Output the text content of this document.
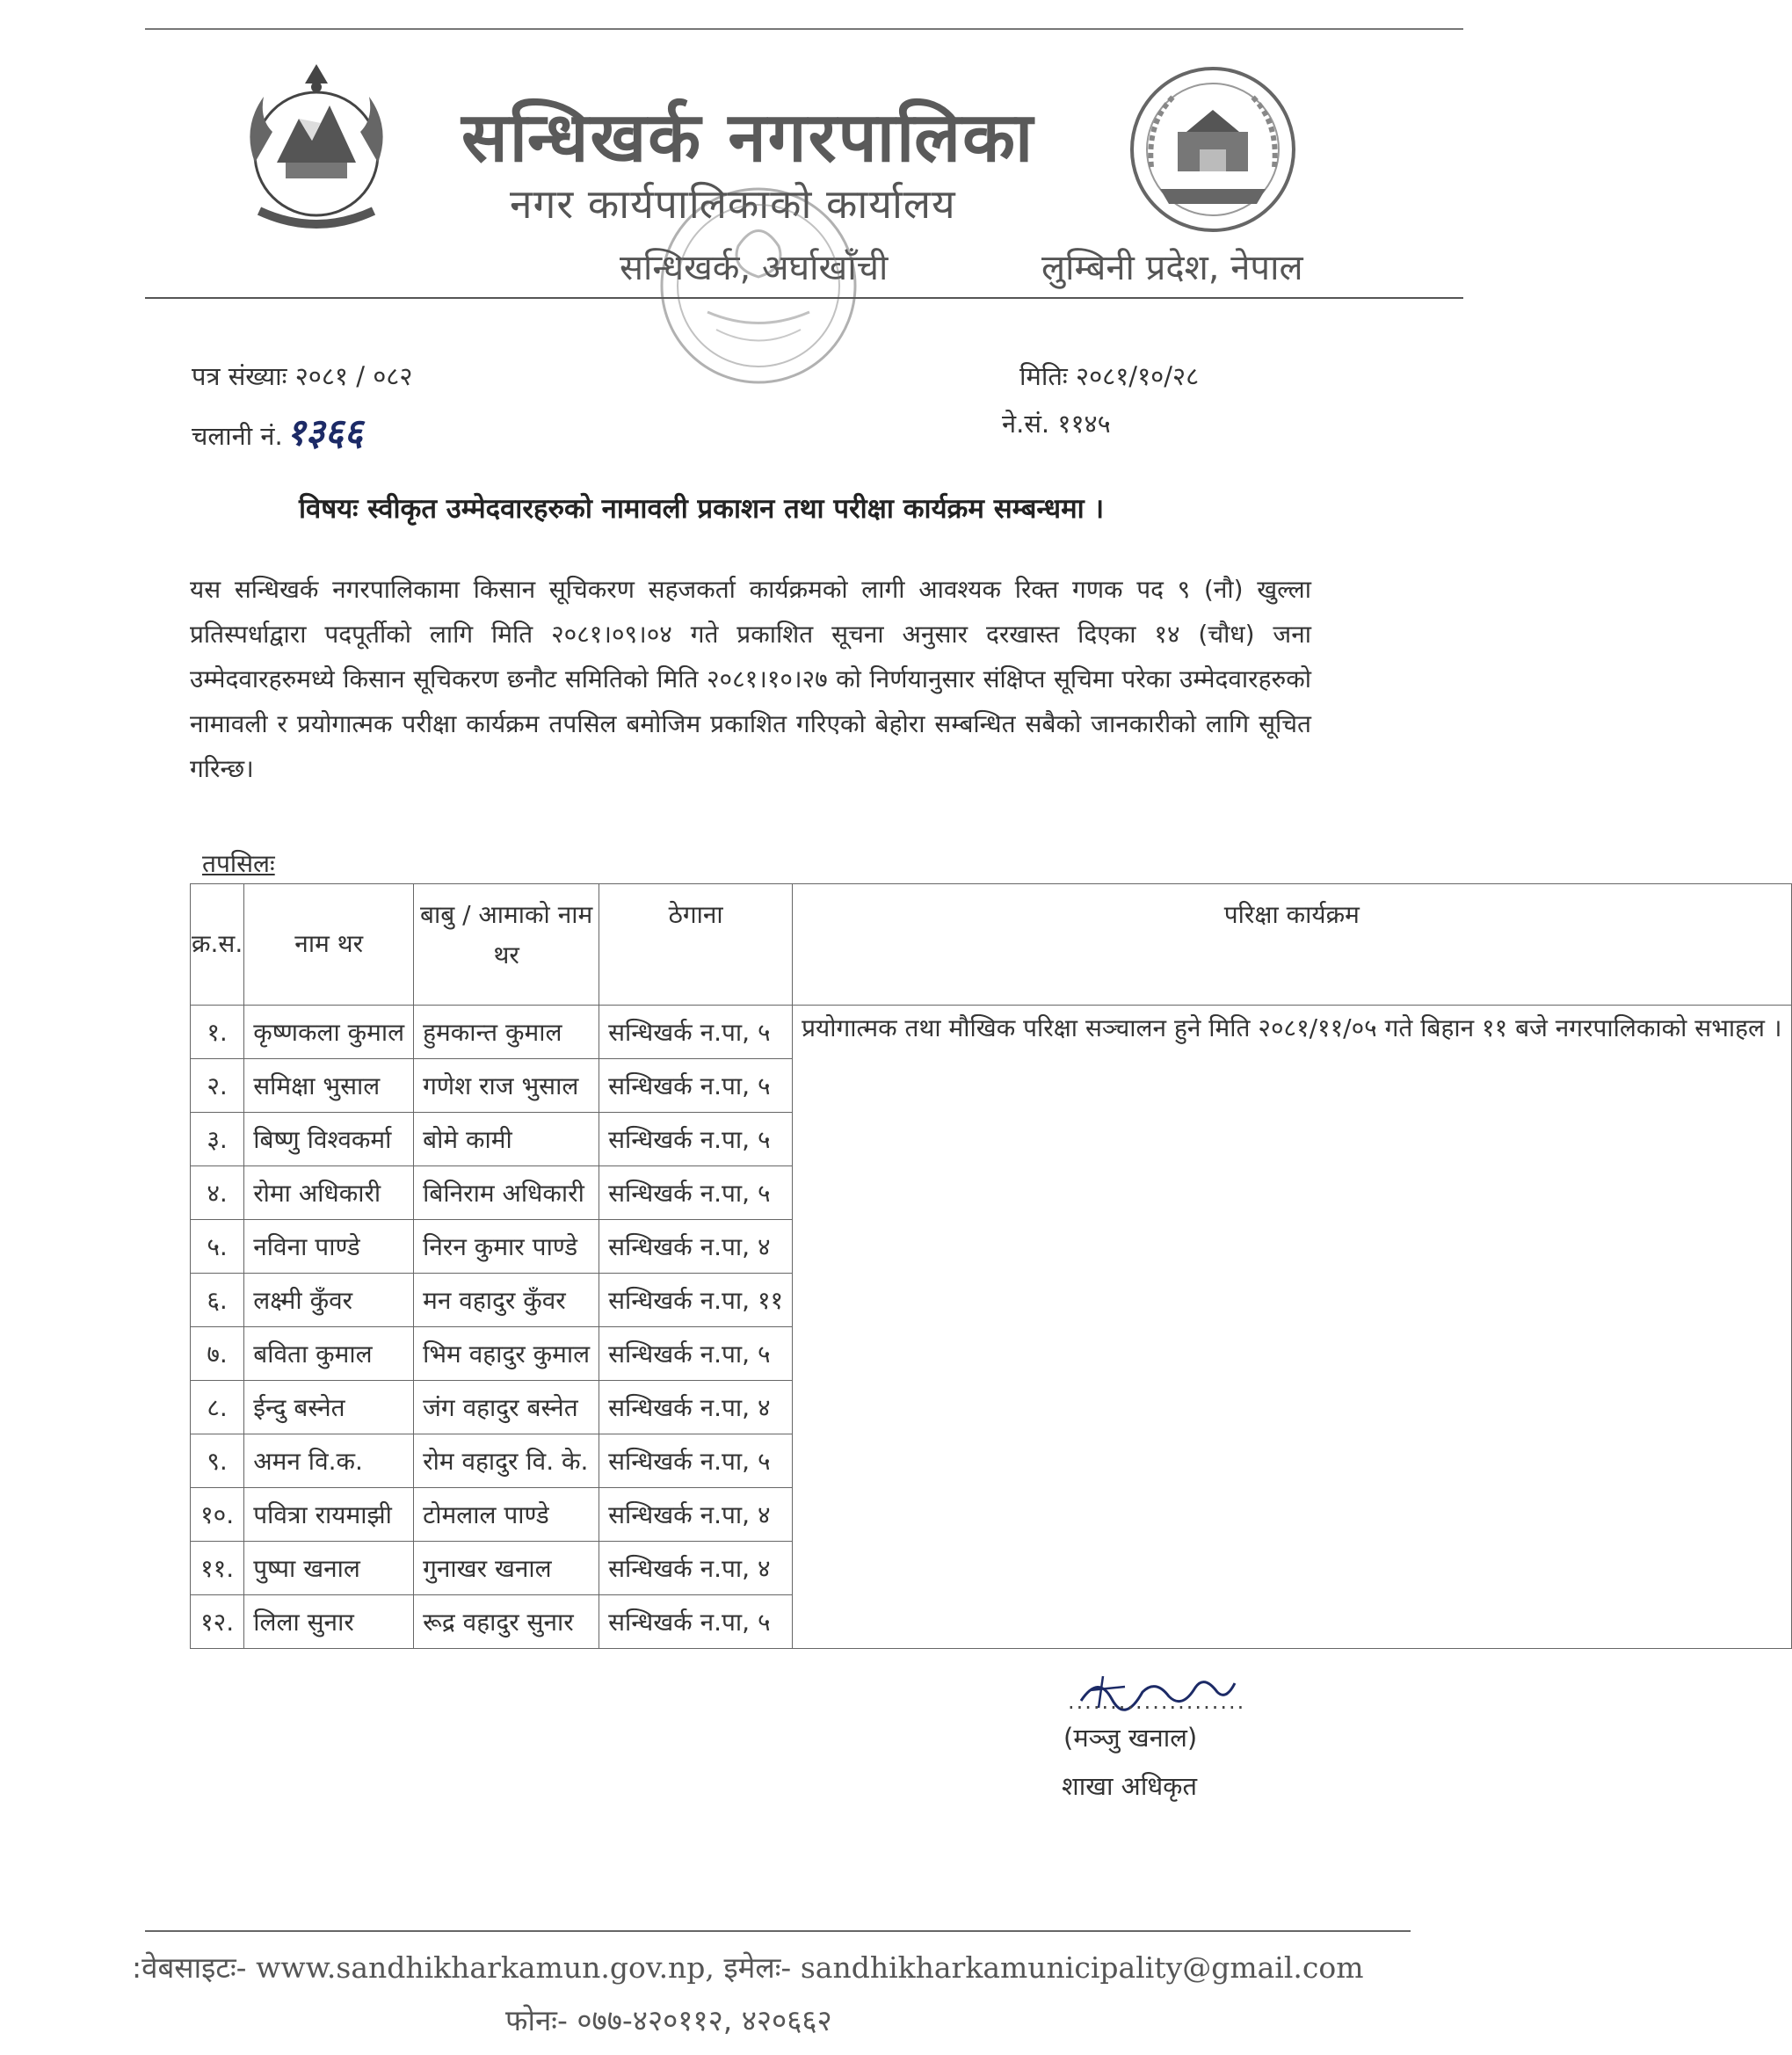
सन्धिखर्क नगरपालिका
नगर कार्यपालिकाको कार्यालय
सन्धिखर्क, अर्घाखाँची	लुम्बिनी प्रदेश, नेपाल
पत्र संख्याः २०८१ / ०८२
चलानी नं.१३६६
मितिः २०८१/१०/२८
ने.सं. ११४५
विषयः स्वीकृत उम्मेदवारहरुको नामावली प्रकाशन तथा परीक्षा कार्यक्रम सम्बन्धमा ।
यस सन्धिखर्क नगरपालिकामा किसान सूचिकरण सहजकर्ता कार्यक्रमको लागी आवश्यक रिक्त गणक पद ९ (नौ) खुल्ला प्रतिस्पर्धाद्वारा पदपूर्तीको लागि मिति २०८१।०९।०४ गते प्रकाशित सूचना अनुसार दरखास्त दिएका १४ (चौध) जना उम्मेदवारहरुमध्ये किसान सूचिकरण छनौट समितिको मिति २०८१।१०।२७ को निर्णयानुसार संक्षिप्त सूचिमा परेका उम्मेदवारहरुको नामावली र प्रयोगात्मक परीक्षा कार्यक्रम तपसिल बमोजिम प्रकाशित गरिएको बेहोरा सम्बन्धित सबैको जानकारीको लागि सूचित गरिन्छ।
तपसिलः
क्र.स.	नाम थर	बाबु / आमाको नाम थर	ठेगाना	परिक्षा कार्यक्रम
१.	कृष्णकला कुमाल	हुमकान्त कुमाल	सन्धिखर्क न.पा, ५	प्रयोगात्मक तथा मौखिक परिक्षा सञ्चालन हुने मिति २०८१/११/०५ गते बिहान ११ बजे नगरपालिकाको सभाहल ।
२.	समिक्षा भुसाल	गणेश राज भुसाल	सन्धिखर्क न.पा, ५	
३.	बिष्णु विश्वकर्मा	बोमे कामी	सन्धिखर्क न.पा, ५	
४.	रोमा अधिकारी	बिनिराम अधिकारी	सन्धिखर्क न.पा, ५	
५.	नविना पाण्डे	निरन कुमार पाण्डे	सन्धिखर्क न.पा, ४	
६.	लक्ष्मी कुँवर	मन वहादुर कुँवर	सन्धिखर्क न.पा, ११	
७.	बविता कुमाल	भिम वहादुर कुमाल	सन्धिखर्क न.पा, ५	
८.	ईन्दु बस्नेत	जंग वहादुर बस्नेत	सन्धिखर्क न.पा, ४	
९.	अमन वि.क.	रोम वहादुर वि. के.	सन्धिखर्क न.पा, ५	
१०.	पवित्रा रायमाझी	टोमलाल पाण्डे	सन्धिखर्क न.पा, ४	
११.	पुष्पा खनाल	गुनाखर खनाल	सन्धिखर्क न.पा, ४	
१२.	लिला सुनार	रूद्र वहादुर सुनार	सन्धिखर्क न.पा, ५	
.....................
(मञ्जु खनाल)
शाखा अधिकृत
:वेबसाइटः- www.sandhikharkamun.gov.np, इमेलः- sandhikharkamunicipality@gmail.com
फोनः- ०७७-४२०११२, ४२०६६२
